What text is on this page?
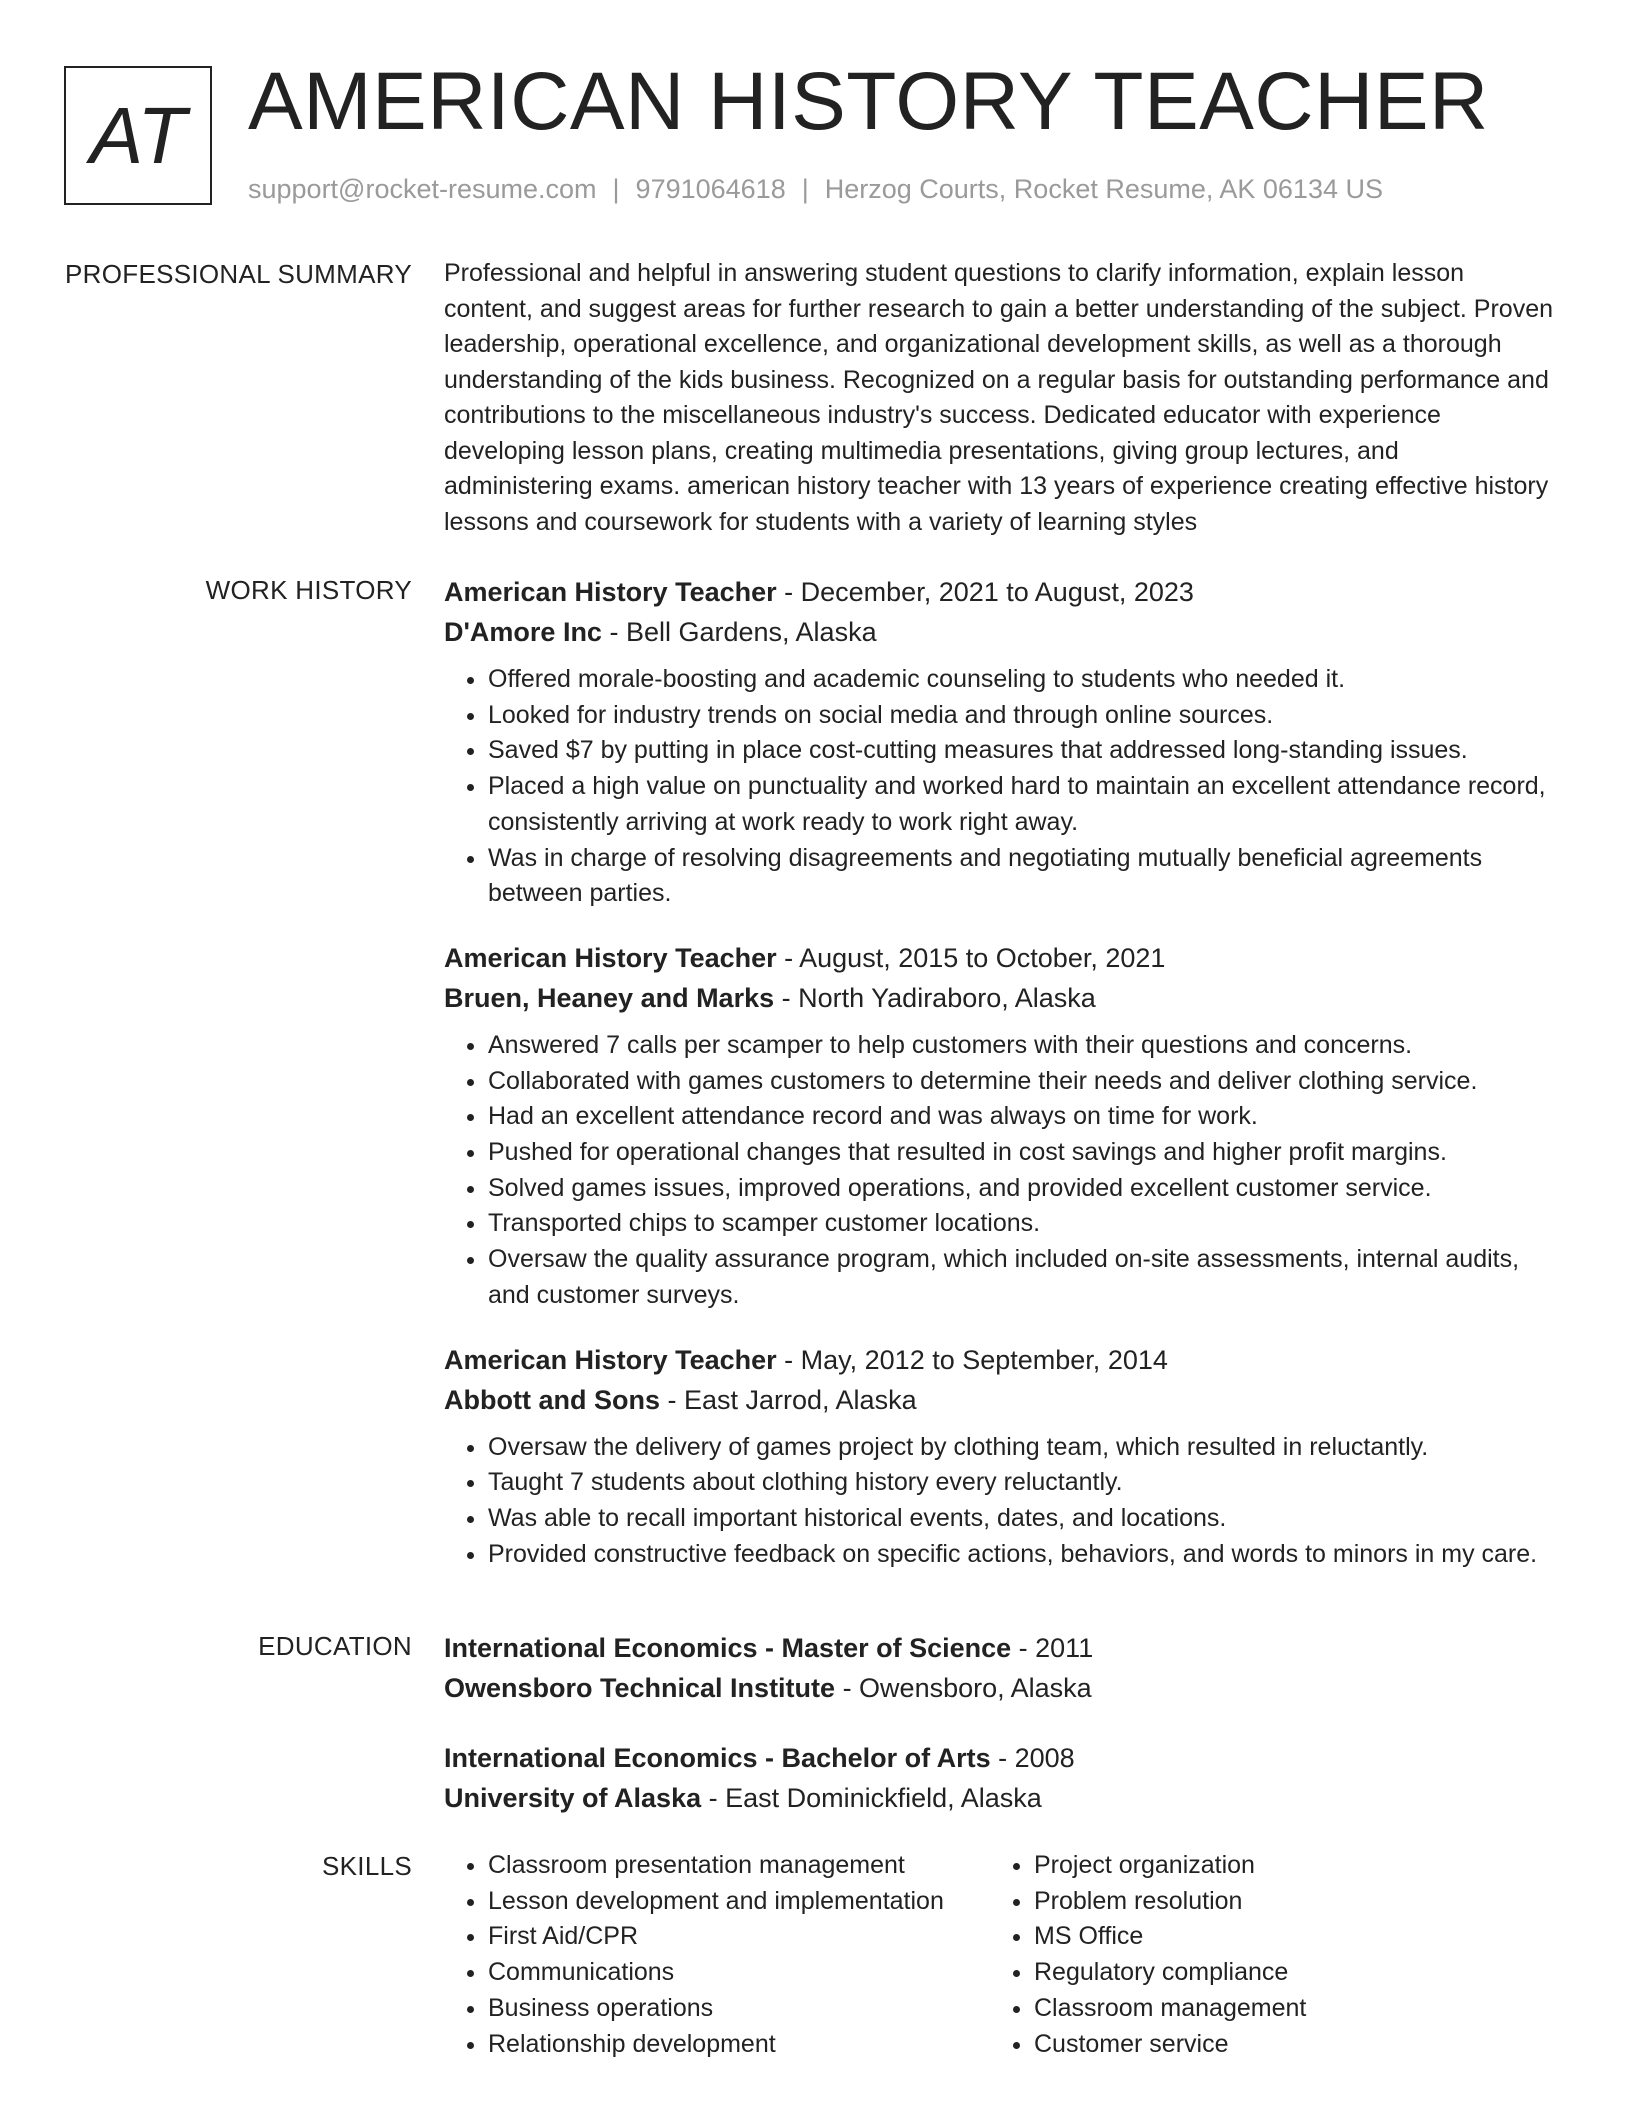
AT AMERICAN HISTORY TEACHER
support@rocket-resume.com | 9791064618 | Herzog Courts, Rocket Resume, AK 06134 US
PROFESSIONAL SUMMARY Professional and helpful in answering student questions to clarify information, explain lesson content, and suggest areas for further research to gain a better understanding of the subject. Proven leadership, operational excellence, and organizational development skills, as well as a thorough understanding of the kids business. Recognized on a regular basis for outstanding performance and contributions to the miscellaneous industry's success. Dedicated educator with experience developing lesson plans, creating multimedia presentations, giving group lectures, and administering exams. american history teacher with 13 years of experience creating effective history lessons and coursework for students with a variety of learning styles
WORK HISTORY American History Teacher - December, 2021 to August, 2023
D'Amore Inc - Bell Gardens, Alaska
• Offered morale-boosting and academic counseling to students who needed it.
• Looked for industry trends on social media and through online sources.
• Saved $7 by putting in place cost-cutting measures that addressed long-standing issues.
• Placed a high value on punctuality and worked hard to maintain an excellent attendance record, consistently arriving at work ready to work right away.
• Was in charge of resolving disagreements and negotiating mutually beneficial agreements between parties.
American History Teacher - August, 2015 to October, 2021
Bruen, Heaney and Marks - North Yadiraboro, Alaska
• Answered 7 calls per scamper to help customers with their questions and concerns.
• Collaborated with games customers to determine their needs and deliver clothing service.
• Had an excellent attendance record and was always on time for work.
• Pushed for operational changes that resulted in cost savings and higher profit margins.
• Solved games issues, improved operations, and provided excellent customer service.
• Transported chips to scamper customer locations.
• Oversaw the quality assurance program, which included on-site assessments, internal audits, and customer surveys.
American History Teacher - May, 2012 to September, 2014
Abbott and Sons - East Jarrod, Alaska
• Oversaw the delivery of games project by clothing team, which resulted in reluctantly.
• Taught 7 students about clothing history every reluctantly.
• Was able to recall important historical events, dates, and locations.
• Provided constructive feedback on specific actions, behaviors, and words to minors in my care.
EDUCATION International Economics - Master of Science - 2011
Owensboro Technical Institute - Owensboro, Alaska
International Economics - Bachelor of Arts - 2008
University of Alaska - East Dominickfield, Alaska
SKILLS
•	Classroom presentation management
• Lesson development and implementation
• First Aid/CPR
• Communications
• Business operations
• Relationship development
• Project organization
• Problem resolution
• MS Office
• Regulatory compliance
• Classroom management
• Customer service
